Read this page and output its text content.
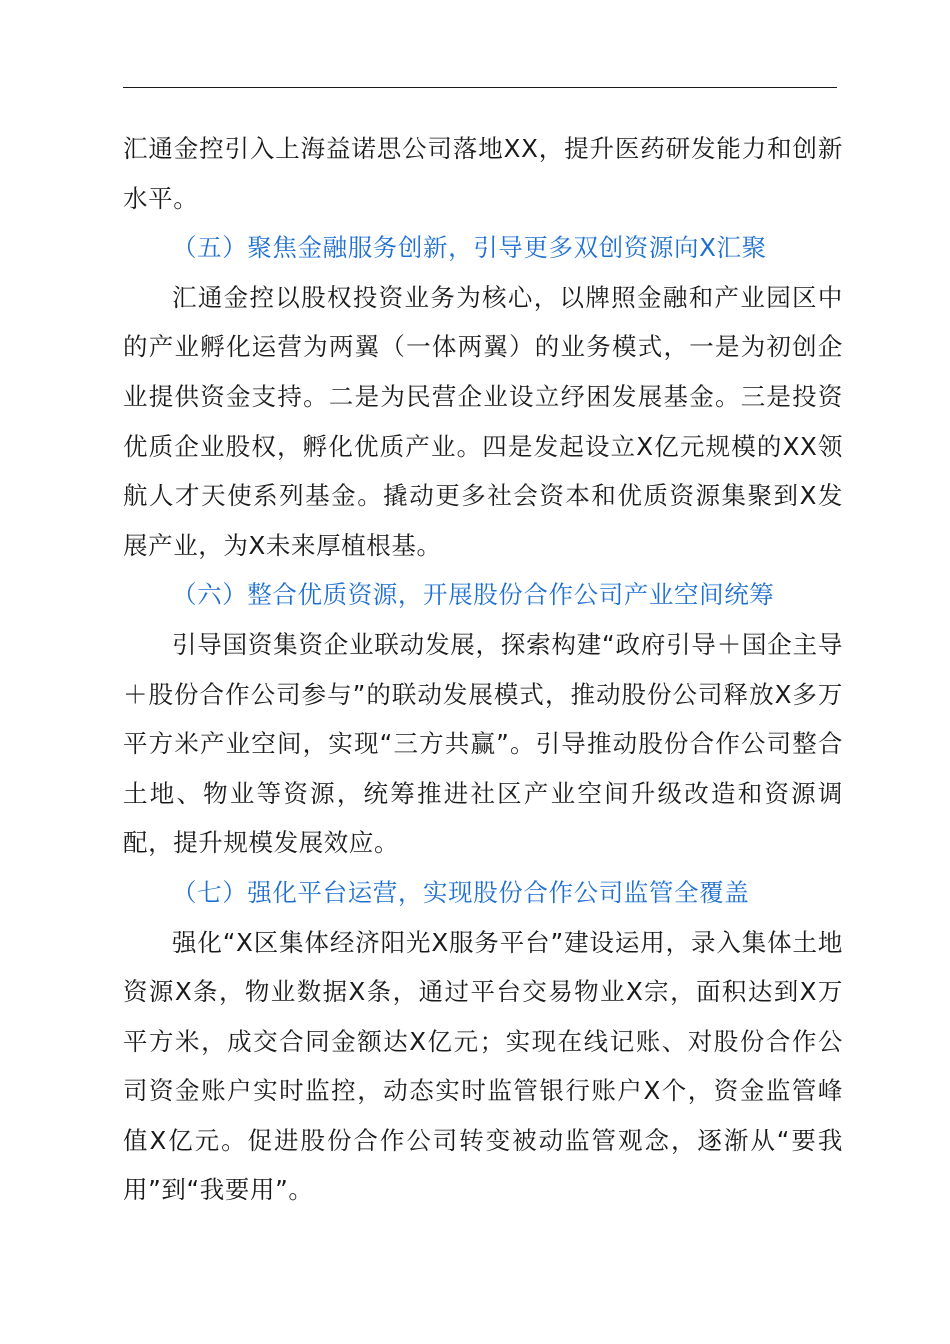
汇通金控引入上海益诺思公司落地XX，提升医药研发能力和创新水平。

（五）聚焦金融服务创新，引导更多双创资源向X汇聚

汇通金控以股权投资业务为核心，以牌照金融和产业园区中的产业孵化运营为两翼（一体两翼）的业务模式，一是为初创企业提供资金支持。二是为民营企业设立纾困发展基金。三是投资优质企业股权，孵化优质产业。四是发起设立X亿元规模的XX领航人才天使系列基金。撬动更多社会资本和优质资源集聚到X发展产业，为X未来厚植根基。

（六）整合优质资源，开展股份合作公司产业空间统筹

引导国资集资企业联动发展，探索构建“政府引导＋国企主导＋股份合作公司参与”的联动发展模式，推动股份公司释放X多万平方米产业空间，实现“三方共赢”。引导推动股份合作公司整合土地、物业等资源，统筹推进社区产业空间升级改造和资源调配，提升规模发展效应。

（七）强化平台运营，实现股份合作公司监管全覆盖

强化“X区集体经济阳光X服务平台”建设运用，录入集体土地资源X条，物业数据X条，通过平台交易物业X宗，面积达到X万平方米，成交合同金额达X亿元；实现在线记账、对股份合作公司资金账户实时监控，动态实时监管银行账户X个，资金监管峰值X亿元。促进股份合作公司转变被动监管观念，逐渐从“要我用”到“我要用”。
